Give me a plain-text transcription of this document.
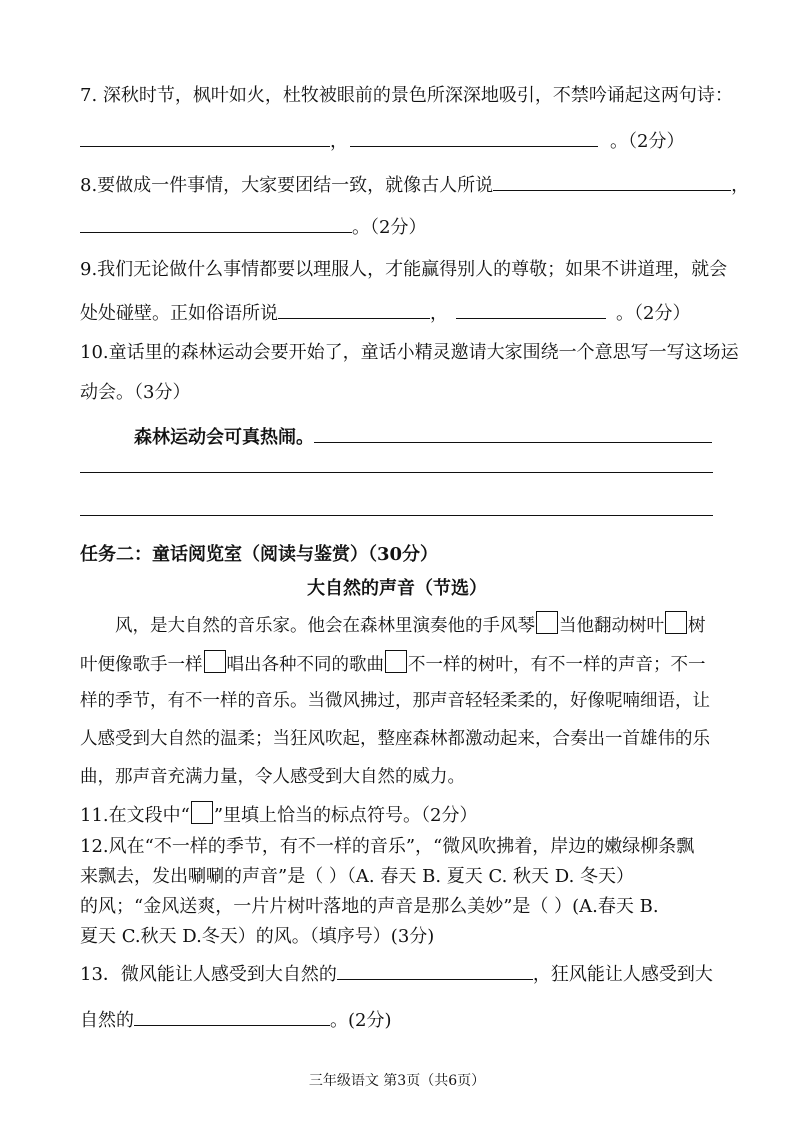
7. 深秋时节，枫叶如火，杜牧被眼前的景色所深深地吸引，不禁吟诵起这两句诗：
，	。（2分）
8.要做成一件事情，大家要团结一致，就像古人所说	，
。（2分）
9.我们无论做什么事情都要以理服人，才能赢得别人的尊敬；如果不讲道理，就会
处处碰壁。正如俗语所说	，	。（2分）
10.童话里的森林运动会要开始了，童话小精灵邀请大家围绕一个意思写一写这场运
动会。（3分）
森林运动会可真热闹。
任务二：童话阅览室（阅读与鉴赏）（30分）
大自然的声音（节选）
风，是大自然的音乐家。他会在森林里演奏他的手风琴 当他翻动树叶 树
叶便像歌手一样 唱出各种不同的歌曲 不一样的树叶，有不一样的声音；不一
样的季节，有不一样的音乐。当微风拂过，那声音轻轻柔柔的，好像呢喃细语，让
人感受到大自然的温柔；当狂风吹起，整座森林都激动起来，合奏出一首雄伟的乐
曲，那声音充满力量，令人感受到大自然的威力。
11.在文段中“ ”里填上恰当的标点符号。（2分）
12.风在“不一样的季节，有不一样的音乐”，“微风吹拂着，岸边的嫩绿柳条飘
来飘去，发出唰唰的声音”是（ ）（A. 春天 B. 夏天 C. 秋天 D. 冬天）
的风；“金风送爽，一片片树叶落地的声音是那么美妙”是（ ）(A.春天 B.
夏天 C.秋天 D.冬天）的风。（填序号）(3分)
13．微风能让人感受到大自然的	，狂风能让人感受到大
自然的	。(2分)
三年级语文 第3页（共6页）
